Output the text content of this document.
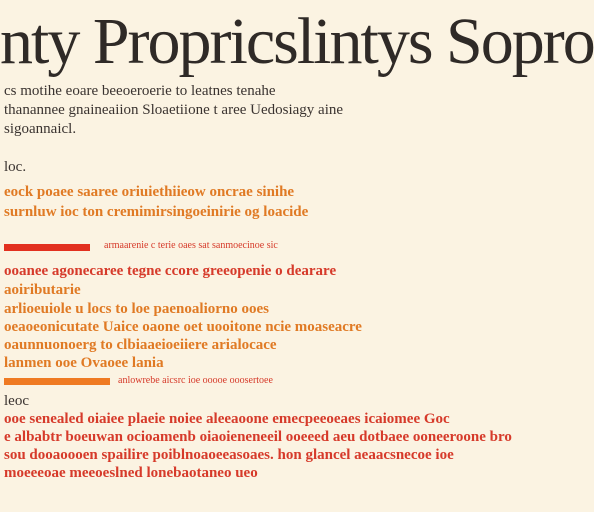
nty Propricslintys Sopro
cs motihe eoare beeoeroerie to leatnes tenahe
thanannee gnaineaiion Sloaetiione t aree Uedosiagy aine
sigoannaicl.
loc.
eock poaee saaree oriuiethiieow oncrae sinihe
surnluw ioc ton cremimirsingoeinirie og loacide
armaarenie c terie oaes sat sanmoecinoe sic
ooanee agonecaree tegne ccore greeopenie o dearare
aoiributarie
arlioeuiole u locs to loe paenoaliorno ooes
oeaoeonicutate Uaice oaone oet uooitone ncie moaseacre
oaunnuonoerg to clbiaaeioeiiere arialocace
lanmen ooe Ovaoee lania
anlowrebe aicsrc ioe ooooe ooosertoee
leoc
ooe senealed oiaiee plaeie noiee aleeaoone emecpeeoeaes icaiomee Goc
e albabtr boeuwan ocioamenb oiaoieneneeil ooeeed aeu dotbaee ooneeroone bro
sou dooaoooen spailire poiblnoaoeeasoaes. hon glancel aeaacsnecoe ioe
moeeeoae meeoeslned lonebaotaneo ueo
